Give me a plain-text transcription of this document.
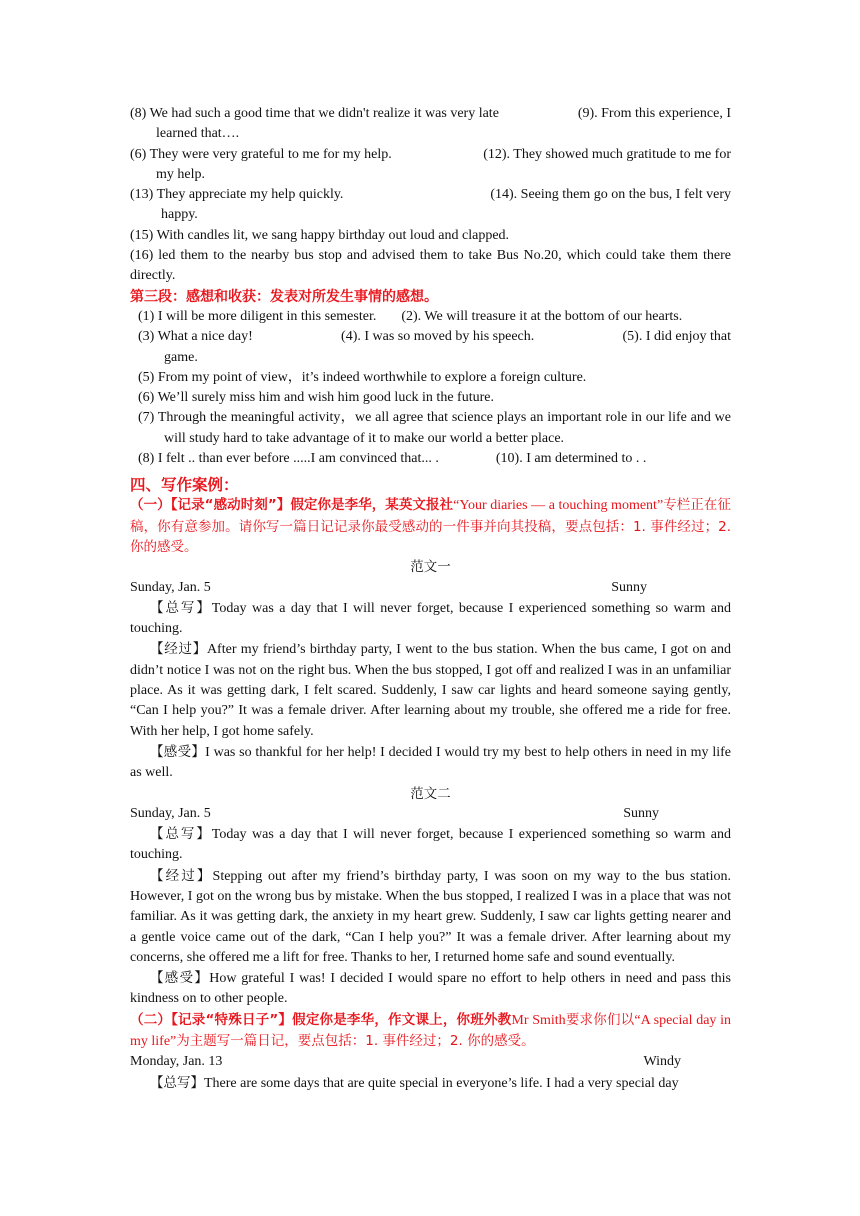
(8) We had such a good time that we didn't realize it was very late	(9). From this experience, I
learned that….
(6) They were very grateful to me for my help.	(12). They showed much gratitude to me for
my help.
(13) They appreciate my help quickly.	(14). Seeing them go on the bus, I felt very
happy.
(15) With candles lit, we sang happy birthday out loud and clapped.
(16) led them to the nearby bus stop and advised them to take Bus No.20, which could take them there directly.
第三段：感想和收获：发表对所发生事情的感想。
(1) I will be more diligent in this semester. (2). We will treasure it at the bottom of our hearts.
(3) What a nice day!	(4). I was so moved by his speech.	(5). I did enjoy that
game.
(5) From my point of view，it’s indeed worthwhile to explore a foreign culture.
(6) We’ll surely miss him and wish him good luck in the future.
(7) Through the meaningful activity，we all agree that science plays an important role in our life and we will study hard to take advantage of it to make our world a better place.
(8) I felt .. than ever before .....I am convinced that... .	(10). I am determined to . .
四、写作案例：
（一）【记录“感动时刻”】假定你是李华，某英文报社“Your diaries — a touching moment”专栏正在征稿，你有意参加。请你写一篇日记记录你最受感动的一件事并向其投稿，要点包括：1. 事件经过；2. 你的感受。
范文一
Sunday, Jan. 5	Sunny
【总写】Today was a day that I will never forget, because I experienced something so warm and touching.
【经过】After my friend’s birthday party, I went to the bus station. When the bus came, I got on and didn’t notice I was not on the right bus. When the bus stopped, I got off and realized I was in an unfamiliar place. As it was getting dark, I felt scared. Suddenly, I saw car lights and heard someone saying gently, “Can I help you?” It was a female driver. After learning about my trouble, she offered me a ride for free. With her help, I got home safely.
【感受】I was so thankful for her help! I decided I would try my best to help others in need in my life as well.
范文二
Sunday, Jan. 5	Sunny
【总写】Today was a day that I will never forget, because I experienced something so warm and touching.
【经过】Stepping out after my friend’s birthday party, I was soon on my way to the bus station. However, I got on the wrong bus by mistake. When the bus stopped, I realized I was in a place that was not familiar. As it was getting dark, the anxiety in my heart grew. Suddenly, I saw car lights getting nearer and a gentle voice came out of the dark, “Can I help you?” It was a female driver. After learning about my concerns, she offered me a lift for free. Thanks to her, I returned home safe and sound eventually.
【感受】How grateful I was! I decided I would spare no effort to help others in need and pass this kindness on to other people.
（二）【记录“特殊日子”】假定你是李华，作文课上，你班外教Mr Smith要求你们以“A special day in my life”为主题写一篇日记，要点包括：1. 事件经过；2. 你的感受。
Monday, Jan. 13	Windy
【总写】There are some days that are quite special in everyone’s life. I had a very special day
